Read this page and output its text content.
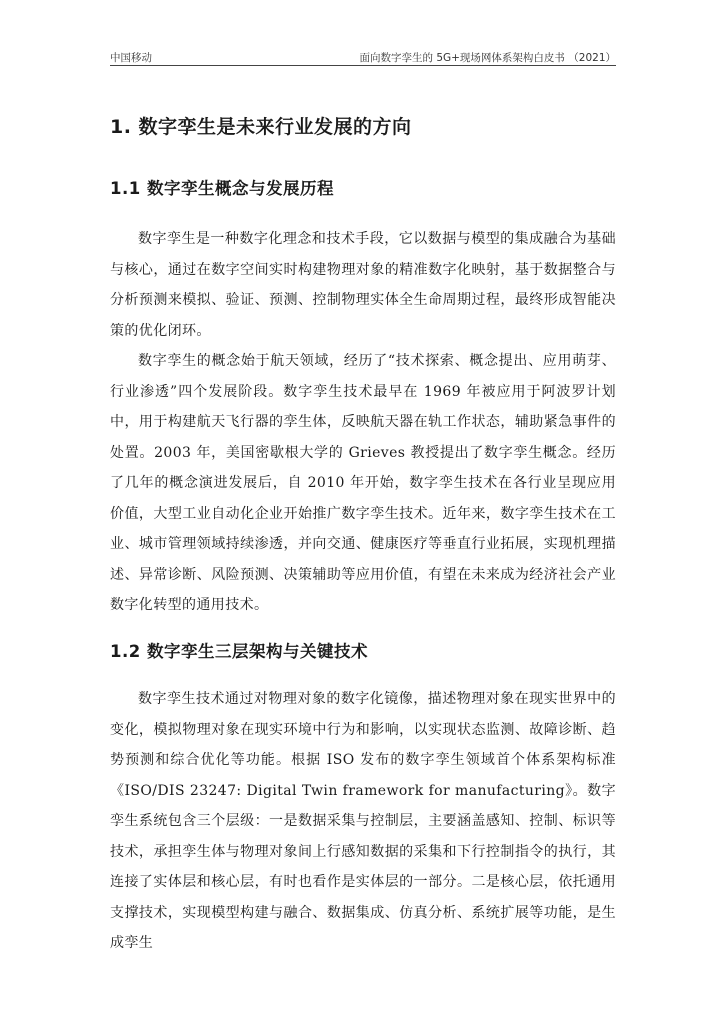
中国移动	面向数字孪生的 5G+现场网体系架构白皮书 （2021）
1. 数字孪生是未来行业发展的方向
1.1 数字孪生概念与发展历程

数字孪生是一种数字化理念和技术手段，它以数据与模型的集成融合为基础与核心，通过在数字空间实时构建物理对象的精准数字化映射，基于数据整合与分析预测来模拟、验证、预测、控制物理实体全生命周期过程，最终形成智能决策的优化闭环。

数字孪生的概念始于航天领域，经历了“技术探索、概念提出、应用萌芽、行业渗透”四个发展阶段。数字孪生技术最早在 1969 年被应用于阿波罗计划中，用于构建航天飞行器的孪生体，反映航天器在轨工作状态，辅助紧急事件的处置。2003 年，美国密歇根大学的 Grieves 教授提出了数字孪生概念。经历了几年的概念演进发展后，自 2010 年开始，数字孪生技术在各行业呈现应用价值，大型工业自动化企业开始推广数字孪生技术。近年来，数字孪生技术在工业、城市管理领域持续渗透，并向交通、健康医疗等垂直行业拓展，实现机理描述、异常诊断、风险预测、决策辅助等应用价值，有望在未来成为经济社会产业数字化转型的通用技术。

1.2 数字孪生三层架构与关键技术

数字孪生技术通过对物理对象的数字化镜像，描述物理对象在现实世界中的变化，模拟物理对象在现实环境中行为和影响，以实现状态监测、故障诊断、趋势预测和综合优化等功能。根据 ISO 发布的数字孪生领域首个体系架构标准《ISO/DIS 23247: Digital Twin framework for manufacturing》。数字孪生系统包含三个层级：一是数据采集与控制层，主要涵盖感知、控制、标识等技术，承担孪生体与物理对象间上行感知数据的采集和下行控制指令的执行，其连接了实体层和核心层，有时也看作是实体层的一部分。二是核心层，依托通用支撑技术，实现模型构建与融合、数据集成、仿真分析、系统扩展等功能，是生成孪生
